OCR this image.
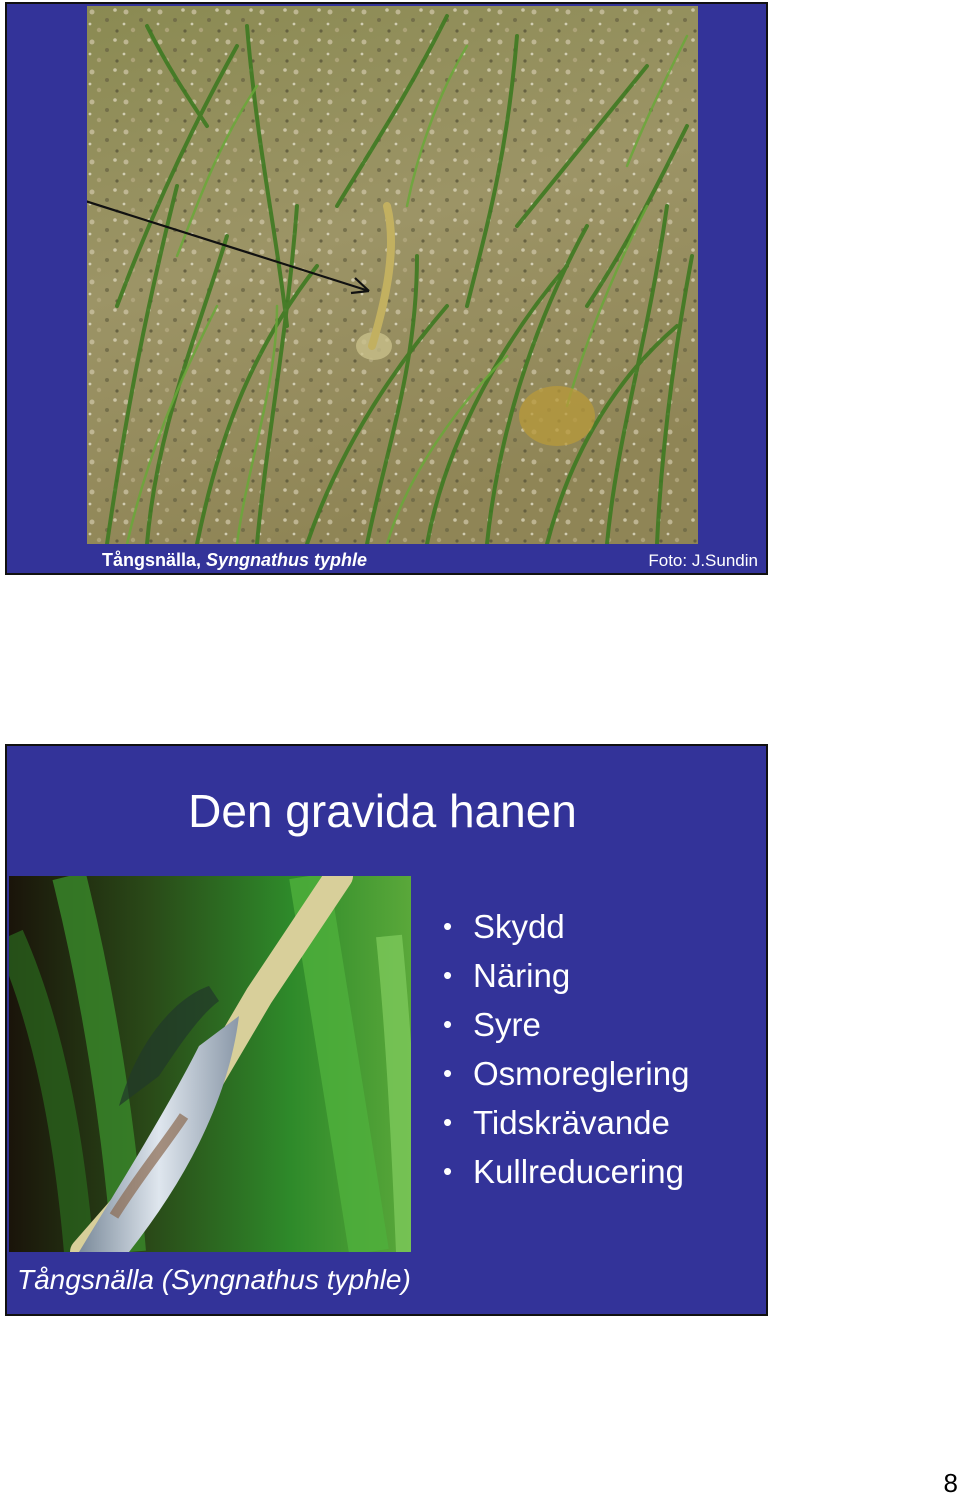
Tångsnälla, Syngnathus typhle	Foto: J.Sundin
Den gravida hanen
• Skydd
• Näring
• Syre
• Osmoreglering
• Tidskrävande
• Kullreducering
Tångsnälla (Syngnathus typhle)
8
